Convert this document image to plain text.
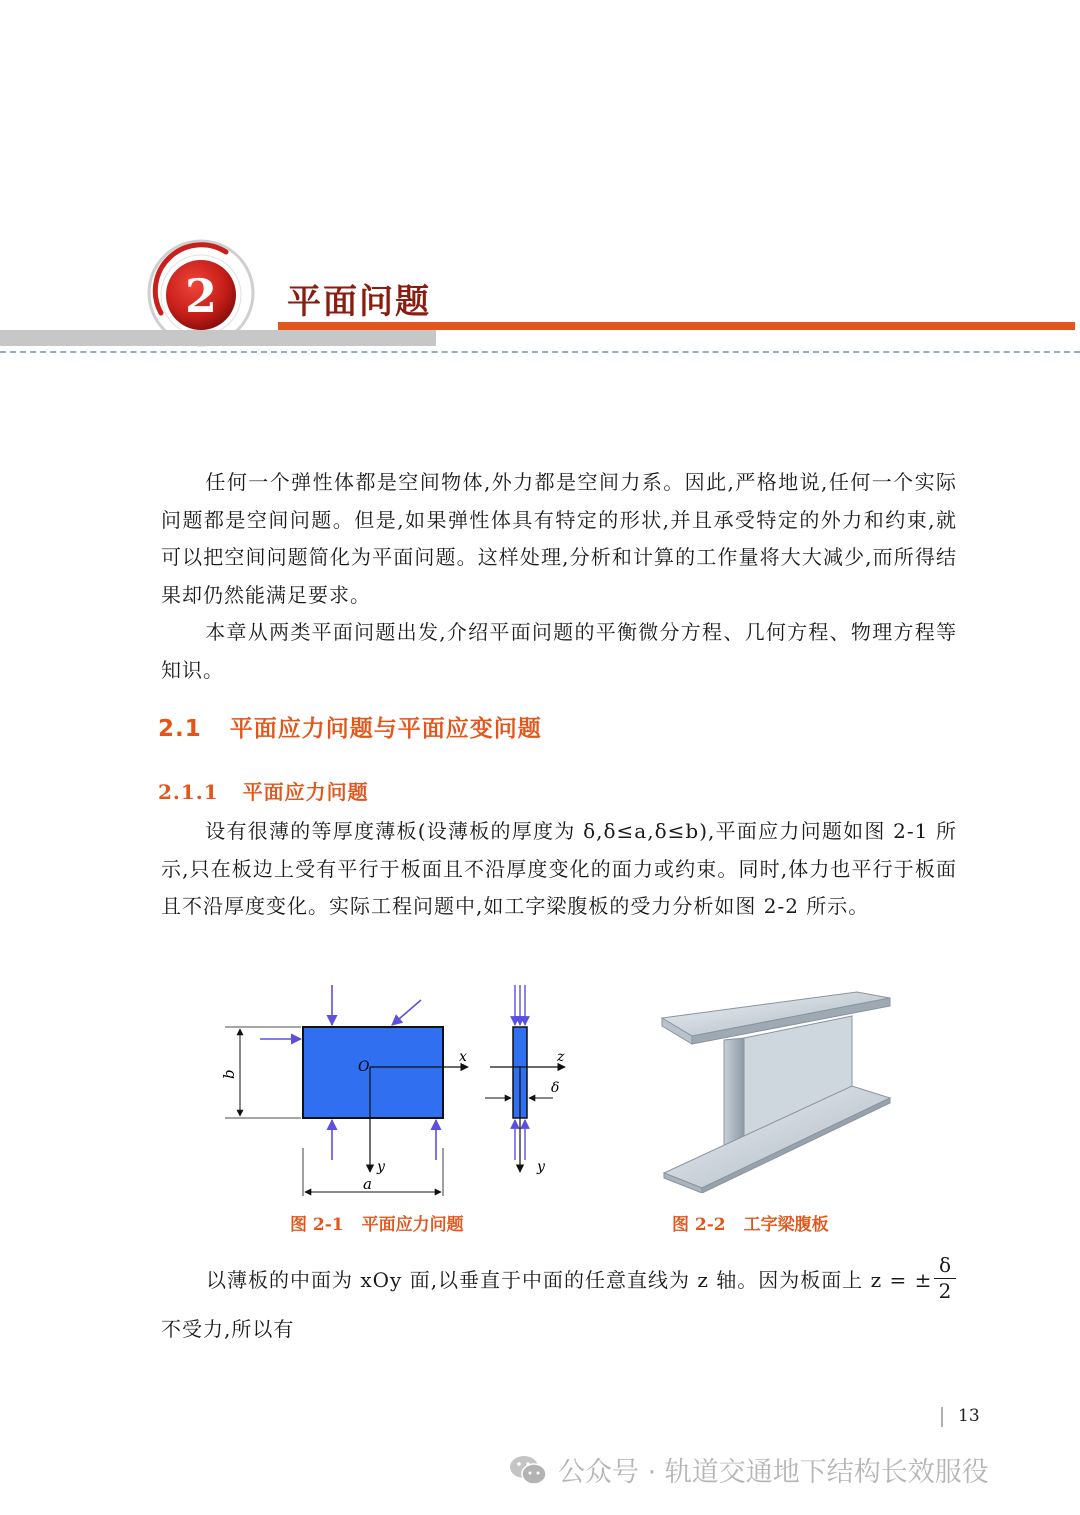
2 平面问题
任何一个弹性体都是空间物体,外力都是空间力系。因此,严格地说,任何一个实际问题都是空间问题。但是,如果弹性体具有特定的形状,并且承受特定的外力和约束,就可以把空间问题简化为平面问题。这样处理,分析和计算的工作量将大大减少,而所得结果却仍然能满足要求。
本章从两类平面问题出发,介绍平面问题的平衡微分方程、几何方程、物理方程等知识。
2.1 平面应力问题与平面应变问题
2.1.1 平面应力问题
设有很薄的等厚度薄板(设薄板的厚度为 δ,δ≤a,δ≤b),平面应力问题如图 2-1 所示,只在板边上受有平行于板面且不沿厚度变化的面力或约束。同时,体力也平行于板面且不沿厚度变化。实际工程问题中,如工字梁腹板的受力分析如图 2-2 所示。
O
x
y
b
a
z
y
δ
图 2-1 平面应力问题	图 2-2 工字梁腹板
以薄板的中面为 xOy 面,以垂直于中面的任意直线为 z 轴。因为板面上 z = ± $\frac{\delta}{2}$
不受力,所以有
13
公众号 · 轨道交通地下结构长效服役
